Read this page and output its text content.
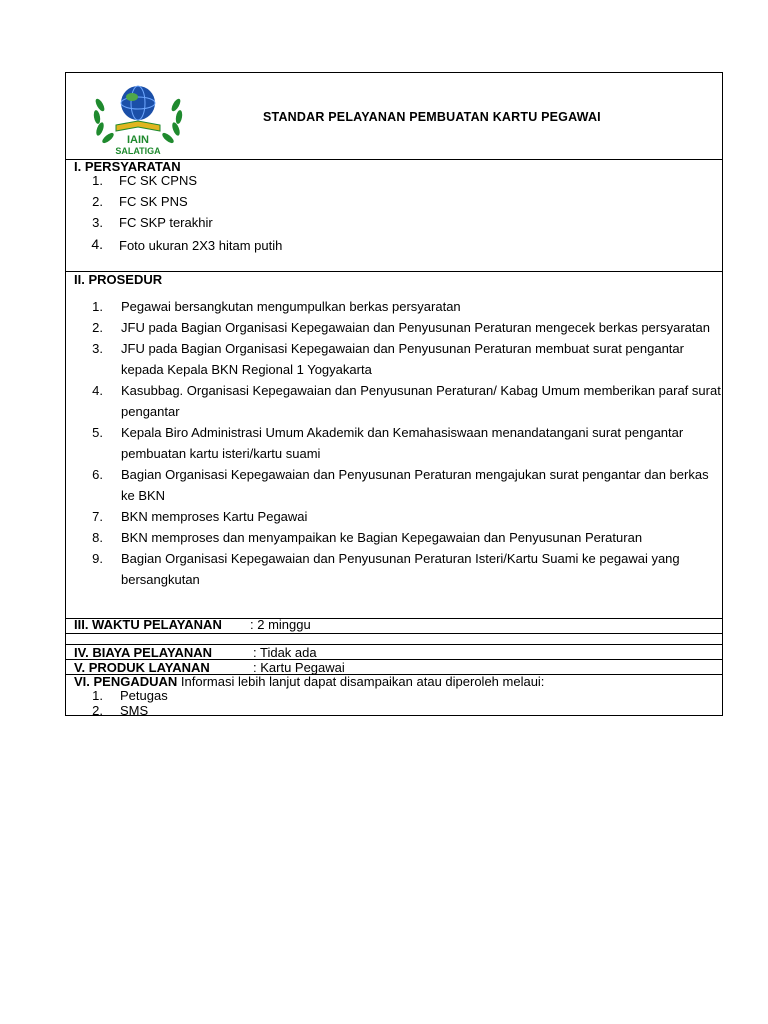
IAIN
SALATIGA
STANDAR PELAYANAN PEMBUATAN KARTU PEGAWAI
I. PERSYARATAN
1. FC SK CPNS
2. FC SK PNS
3. FC SKP terakhir
4. Foto ukuran 2X3 hitam putih
II. PROSEDUR
1. Pegawai bersangkutan mengumpulkan berkas persyaratan
2. JFU pada Bagian Organisasi Kepegawaian dan Penyusunan Peraturan mengecek berkas persyaratan
3. JFU pada Bagian Organisasi Kepegawaian dan Penyusunan Peraturan membuat surat pengantar
kepada Kepala BKN Regional 1 Yogyakarta
4. Kasubbag. Organisasi Kepegawaian dan Penyusunan Peraturan/ Kabag Umum memberikan paraf surat
pengantar
5. Kepala Biro Administrasi Umum Akademik dan Kemahasiswaan menandatangani surat pengantar
pembuatan kartu isteri/kartu suami
6. Bagian Organisasi Kepegawaian dan Penyusunan Peraturan mengajukan surat pengantar dan berkas
ke BKN
7. BKN memproses Kartu Pegawai
8. BKN memproses dan menyampaikan ke Bagian Kepegawaian dan Penyusunan Peraturan
9. Bagian Organisasi Kepegawaian dan Penyusunan Peraturan Isteri/Kartu Suami ke pegawai yang
bersangkutan
III. WAKTU PELAYANAN : 2 minggu
IV. BIAYA PELAYANAN	: Tidak ada
V. PRODUK LAYANAN	: Kartu Pegawai
VI. PENGADUAN Informasi lebih lanjut dapat disampaikan atau diperoleh melaui:
1. Petugas
2. SMS
